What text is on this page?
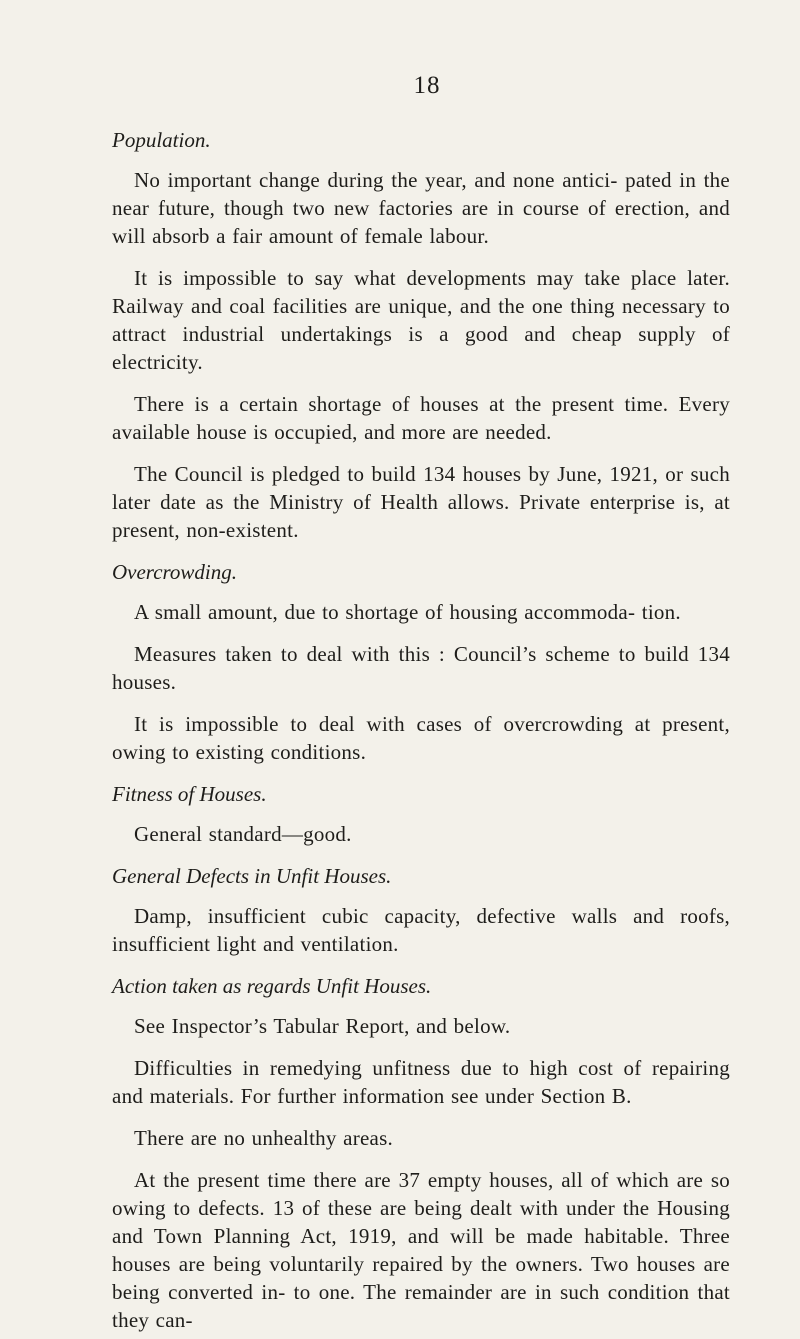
18
Population.

No important change during the year, and none antici- pated in the near future, though two new factories are in course of erection, and will absorb a fair amount of female labour.

It is impossible to say what developments may take place later. Railway and coal facilities are unique, and the one thing necessary to attract industrial undertakings is a good and cheap supply of electricity.

There is a certain shortage of houses at the present time. Every available house is occupied, and more are needed.

The Council is pledged to build 134 houses by June, 1921, or such later date as the Ministry of Health allows. Private enterprise is, at present, non-existent.

Overcrowding.

A small amount, due to shortage of housing accommoda- tion.

Measures taken to deal with this : Council’s scheme to build 134 houses.

It is impossible to deal with cases of overcrowding at present, owing to existing conditions.

Fitness of Houses.

General standard—good.

General Defects in Unfit Houses.

Damp, insufficient cubic capacity, defective walls and roofs, insufficient light and ventilation.

Action taken as regards Unfit Houses.

See Inspector’s Tabular Report, and below.

Difficulties in remedying unfitness due to high cost of repairing and materials. For further information see under Section B.

There are no unhealthy areas.

At the present time there are 37 empty houses, all of which are so owing to defects. 13 of these are being dealt with under the Housing and Town Planning Act, 1919, and will be made habitable. Three houses are being voluntarily repaired by the owners. Two houses are being converted in- to one. The remainder are in such condition that they can-
